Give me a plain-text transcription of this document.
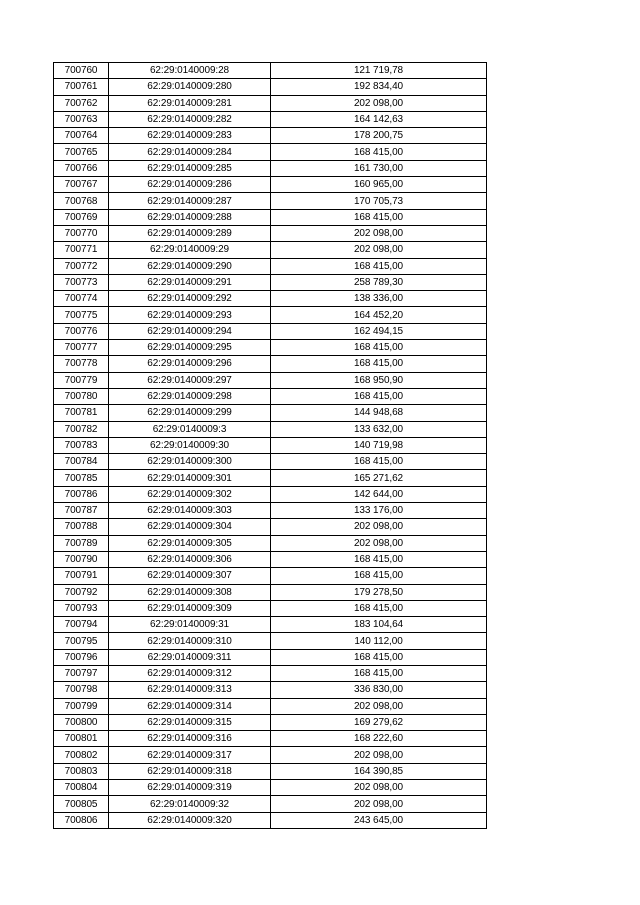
700760	62:29:0140009:28	121 719,78
700761	62:29:0140009:280	192 834,40
700762	62:29:0140009:281	202 098,00
700763	62:29:0140009:282	164 142,63
700764	62:29:0140009:283	178 200,75
700765	62:29:0140009:284	168 415,00
700766	62:29:0140009:285	161 730,00
700767	62:29:0140009:286	160 965,00
700768	62:29:0140009:287	170 705,73
700769	62:29:0140009:288	168 415,00
700770	62:29:0140009:289	202 098,00
700771	62:29:0140009:29	202 098,00
700772	62:29:0140009:290	168 415,00
700773	62:29:0140009:291	258 789,30
700774	62:29:0140009:292	138 336,00
700775	62:29:0140009:293	164 452,20
700776	62:29:0140009:294	162 494,15
700777	62:29:0140009:295	168 415,00
700778	62:29:0140009:296	168 415,00
700779	62:29:0140009:297	168 950,90
700780	62:29:0140009:298	168 415,00
700781	62:29:0140009:299	144 948,68
700782	62:29:0140009:3	133 632,00
700783	62:29:0140009:30	140 719,98
700784	62:29:0140009:300	168 415,00
700785	62:29:0140009:301	165 271,62
700786	62:29:0140009:302	142 644,00
700787	62:29:0140009:303	133 176,00
700788	62:29:0140009:304	202 098,00
700789	62:29:0140009:305	202 098,00
700790	62:29:0140009:306	168 415,00
700791	62:29:0140009:307	168 415,00
700792	62:29:0140009:308	179 278,50
700793	62:29:0140009:309	168 415,00
700794	62:29:0140009:31	183 104,64
700795	62:29:0140009:310	140 112,00
700796	62:29:0140009:311	168 415,00
700797	62:29:0140009:312	168 415,00
700798	62:29:0140009:313	336 830,00
700799	62:29:0140009:314	202 098,00
700800	62:29:0140009:315	169 279,62
700801	62:29:0140009:316	168 222,60
700802	62:29:0140009:317	202 098,00
700803	62:29:0140009:318	164 390,85
700804	62:29:0140009:319	202 098,00
700805	62:29:0140009:32	202 098,00
700806	62:29:0140009:320	243 645,00
